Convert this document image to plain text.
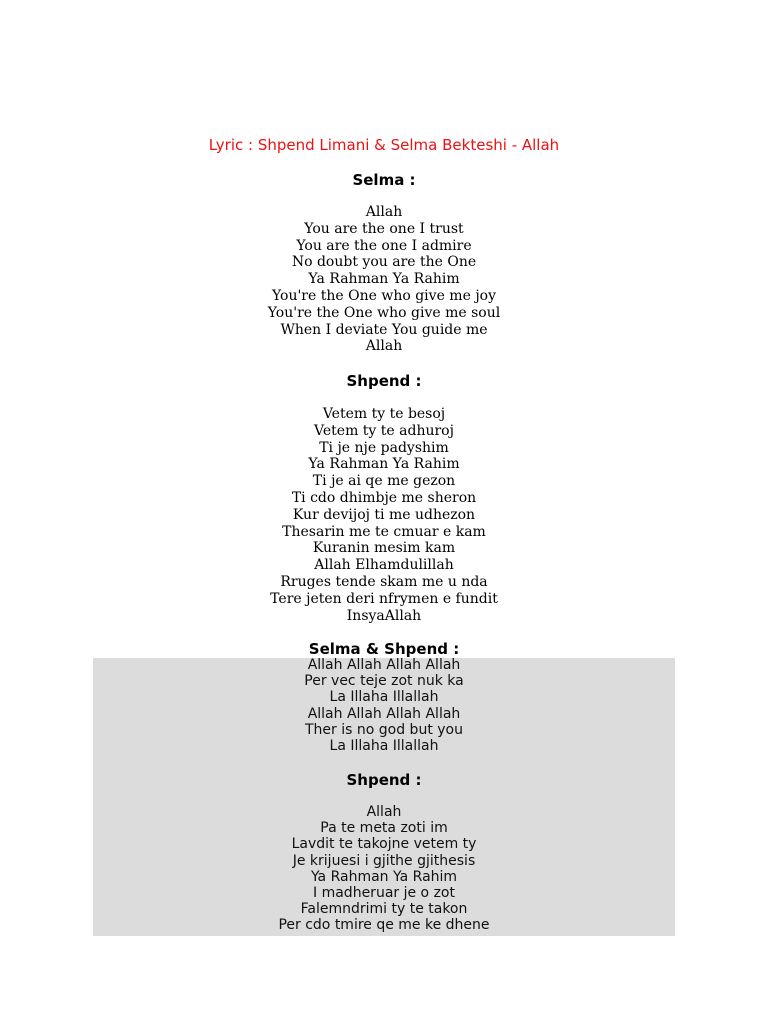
Lyric : Shpend Limani & Selma Bekteshi - Allah
Selma :
Allah
You are the one I trust
You are the one I admire
No doubt you are the One
Ya Rahman Ya Rahim
You're the One who give me joy
You're the One who give me soul
When I deviate You guide me
Allah
Shpend :
Vetem ty te besoj
Vetem ty te adhuroj
Ti je nje padyshim
Ya Rahman Ya Rahim
Ti je ai qe me gezon
Ti cdo dhimbje me sheron
Kur devijoj ti me udhezon
Thesarin me te cmuar e kam
Kuranin mesim kam
Allah Elhamdulillah
Rruges tende skam me u nda
Tere jeten deri nfrymen e fundit
InsyaAllah
Selma & Shpend :
Allah Allah Allah Allah
Per vec teje zot nuk ka
La Illaha Illallah
Allah Allah Allah Allah
Ther is no god but you
La Illaha Illallah
Shpend :
Allah
Pa te meta zoti im
Lavdit te takojne vetem ty
Je krijuesi i gjithe gjithesis
Ya Rahman Ya Rahim
I madheruar je o zot
Falemndrimi ty te takon
Per cdo tmire qe me ke dhene
